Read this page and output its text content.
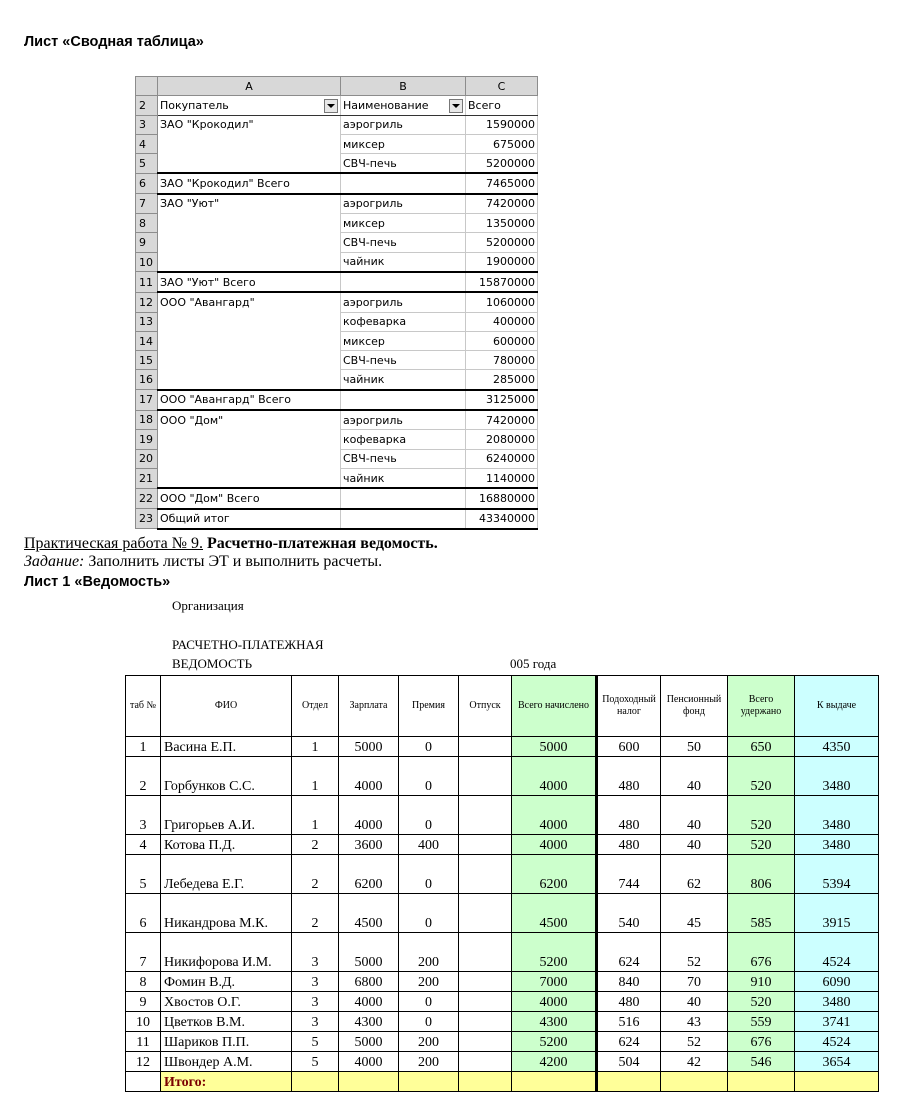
Лист «Сводная таблица»
	A	B	C
2	Покупатель	Наименование	Всего
3	ЗАО "Крокодил"	аэрогриль	1590000
4		миксер	675000
5		СВЧ-печь	5200000
6	ЗАО "Крокодил" Всего		7465000
7	ЗАО "Уют"	аэрогриль	7420000
8		миксер	1350000
9		СВЧ-печь	5200000
10		чайник	1900000
11	ЗАО "Уют" Всего		15870000
12	ООО "Авангард"	аэрогриль	1060000
13		кофеварка	400000
14		миксер	600000
15		СВЧ-печь	780000
16		чайник	285000
17	ООО "Авангард" Всего		3125000
18	ООО "Дом"	аэрогриль	7420000
19		кофеварка	2080000
20		СВЧ-печь	6240000
21		чайник	1140000
22	ООО "Дом" Всего		16880000
23	Общий итог		43340000
Практическая работа № 9. Расчетно-платежная ведомость.
Задание: Заполнить листы ЭТ и выполнить расчеты.
Лист 1 «Ведомость»
Организация
РАСЧЕТНО-ПЛАТЕЖНАЯ
ВЕДОМОСТЬ	005 года
таб №	ФИО	Отдел	Зарплата	Премия	Отпуск	Всего начислено	Подоходный налог	Пенсионный фонд	Всего удержано	К выдаче
1	Васина Е.П.	1	5000	0		5000	600	50	650	4350
2	Горбунков С.С.	1	4000	0		4000	480	40	520	3480
3	Григорьев А.И.	1	4000	0		4000	480	40	520	3480
4	Котова П.Д.	2	3600	400		4000	480	40	520	3480
5	Лебедева Е.Г.	2	6200	0		6200	744	62	806	5394
6	Никандрова М.К.	2	4500	0		4500	540	45	585	3915
7	Никифорова И.М.	3	5000	200		5200	624	52	676	4524
8	Фомин В.Д.	3	6800	200		7000	840	70	910	6090
9	Хвостов О.Г.	3	4000	0		4000	480	40	520	3480
10	Цветков В.М.	3	4300	0		4300	516	43	559	3741
11	Шариков П.П.	5	5000	200		5200	624	52	676	4524
12	Швондер А.М.	5	4000	200		4200	504	42	546	3654
	Итого:									
